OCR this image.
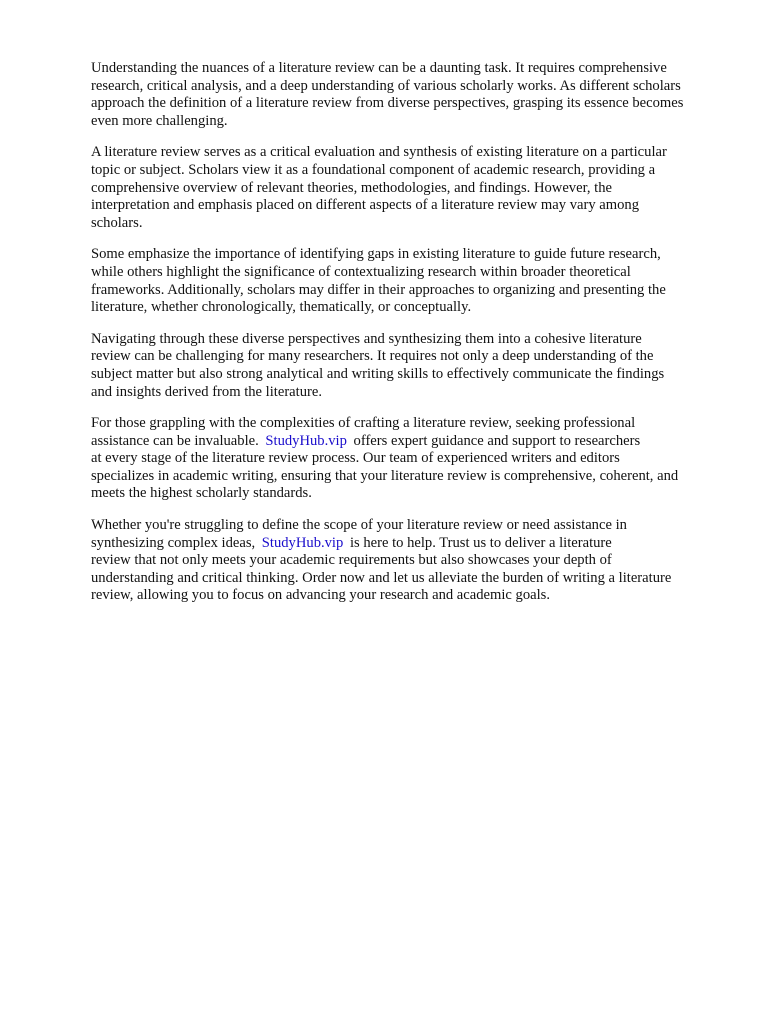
Understanding the nuances of a literature review can be a daunting task. It requires comprehensive
research, critical analysis, and a deep understanding of various scholarly works. As different scholars
approach the definition of a literature review from diverse perspectives, grasping its essence becomes
even more challenging.

A literature review serves as a critical evaluation and synthesis of existing literature on a particular
topic or subject. Scholars view it as a foundational component of academic research, providing a
comprehensive overview of relevant theories, methodologies, and findings. However, the
interpretation and emphasis placed on different aspects of a literature review may vary among
scholars.

Some emphasize the importance of identifying gaps in existing literature to guide future research,
while others highlight the significance of contextualizing research within broader theoretical
frameworks. Additionally, scholars may differ in their approaches to organizing and presenting the
literature, whether chronologically, thematically, or conceptually.

Navigating through these diverse perspectives and synthesizing them into a cohesive literature
review can be challenging for many researchers. It requires not only a deep understanding of the
subject matter but also strong analytical and writing skills to effectively communicate the findings
and insights derived from the literature.

For those grappling with the complexities of crafting a literature review, seeking professional
assistance can be invaluable. StudyHub.vip offers expert guidance and support to researchers
at every stage of the literature review process. Our team of experienced writers and editors
specializes in academic writing, ensuring that your literature review is comprehensive, coherent, and
meets the highest scholarly standards.

Whether you're struggling to define the scope of your literature review or need assistance in
synthesizing complex ideas, StudyHub.vip is here to help. Trust us to deliver a literature
review that not only meets your academic requirements but also showcases your depth of
understanding and critical thinking. Order now and let us alleviate the burden of writing a literature
review, allowing you to focus on advancing your research and academic goals.
